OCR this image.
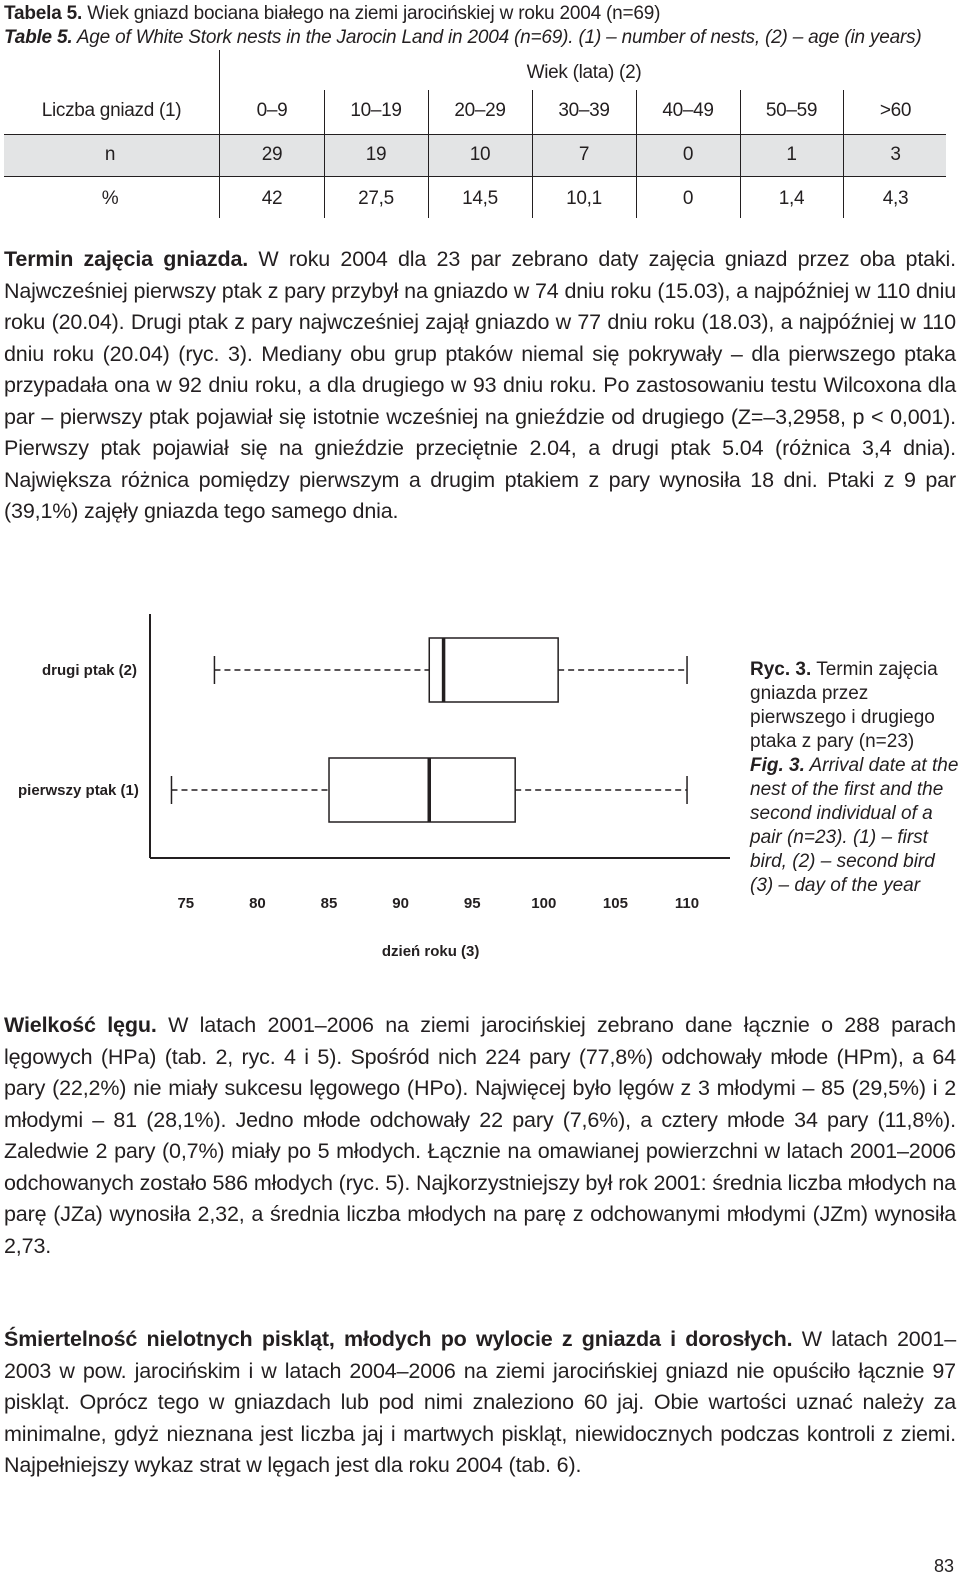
Tabela 5. Wiek gniazd bociana białego na ziemi jarocińskiej w roku 2004 (n=69)
Table 5. Age of White Stork nests in the Jarocin Land in 2004 (n=69). (1) – number of nests, (2) – age (in years)
Wiek (lata) (2)
Liczba gniazd (1)	0–9	10–19	20–29	30–39	40–49	50–59	>60
n	29	19	10	7	0	1	3
%	42	27,5	14,5	10,1	0	1,4	4,3
Termin zajęcia gniazda. W roku 2004 dla 23 par zebrano daty zajęcia gniazd przez oba ptaki. Najwcześniej pierwszy ptak z pary przybył na gniazdo w 74 dniu roku (15.03), a najpóźniej w 110 dniu roku (20.04). Drugi ptak z pary najwcześniej zajął gniazdo w 77 dniu roku (18.03), a najpóźniej w 110 dniu roku (20.04) (ryc. 3). Mediany obu grup ptaków niemal się pokrywały – dla pierwszego ptaka przypadała ona w 92 dniu roku, a dla drugiego w 93 dniu roku. Po zastosowaniu testu Wilcoxona dla par – pierwszy ptak pojawiał się istotnie wcześniej na gnieździe od drugiego (Z=–3,2958, p < 0,001). Pierwszy ptak pojawiał się na gnieździe przeciętnie 2.04, a drugi ptak 5.04 (różnica 3,4 dnia). Największa różnica pomiędzy pierwszym a drugim ptakiem z pary wynosiła 18 dni. Ptaki z 9 par (39,1%) zajęły gniazda tego samego dnia.
75	80	85	90	95	100	105	110
dzień roku (3)
drugi ptak (2)
pierwszy ptak (1)
Ryc. 3. Termin zajęcia gniazda przez pierwszego i drugiego ptaka z pary (n=23)
Fig. 3. Arrival date at the nest of the first and the second individual of a pair (n=23). (1) – first bird, (2) – second bird (3) – day of the year
Wielkość lęgu. W latach 2001–2006 na ziemi jarocińskiej zebrano dane łącznie o 288 parach lęgowych (HPa) (tab. 2, ryc. 4 i 5). Spośród nich 224 pary (77,8%) odchowały młode (HPm), a 64 pary (22,2%) nie miały sukcesu lęgowego (HPo). Najwięcej było lęgów z 3 młodymi – 85 (29,5%) i 2 młodymi – 81 (28,1%). Jedno młode odchowały 22 pary (7,6%), a cztery młode 34 pary (11,8%). Zaledwie 2 pary (0,7%) miały po 5 młodych. Łącznie na omawianej powierzchni w latach 2001–2006 odchowanych zostało 586 młodych (ryc. 5). Najkorzystniejszy był rok 2001: średnia liczba młodych na parę (JZa) wynosiła 2,32, a średnia liczba młodych na parę z odchowanymi młodymi (JZm) wynosiła 2,73.
Śmiertelność nielotnych piskląt, młodych po wylocie z gniazda i dorosłych. W latach 2001–2003 w pow. jarocińskim i w latach 2004–2006 na ziemi jarocińskiej gniazd nie opuściło łącznie 97 piskląt. Oprócz tego w gniazdach lub pod nimi znaleziono 60 jaj. Obie wartości uznać należy za minimalne, gdyż nieznana jest liczba jaj i martwych piskląt, niewidocznych podczas kontroli z ziemi. Najpełniejszy wykaz strat w lęgach jest dla roku 2004 (tab. 6).
83
